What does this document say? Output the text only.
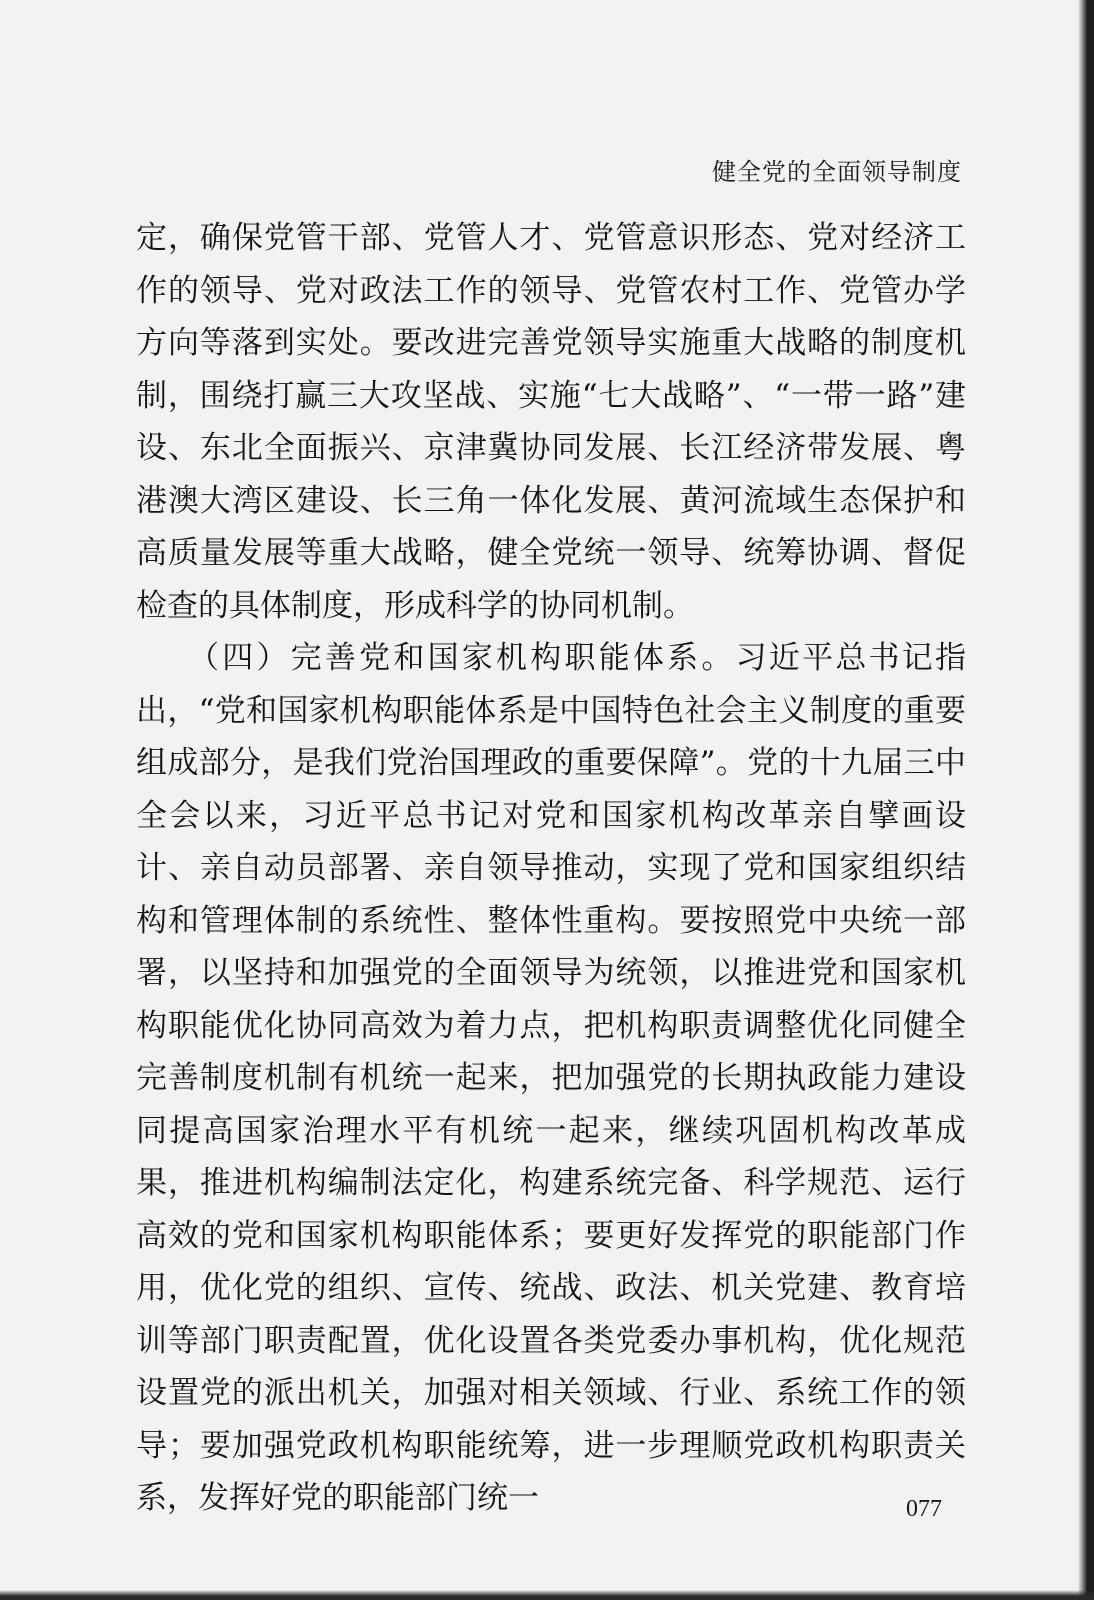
健全党的全面领导制度

定，确保党管干部、党管人才、党管意识形态、党对经济工作的领导、党对政法工作的领导、党管农村工作、党管办学方向等落到实处。要改进完善党领导实施重大战略的制度机制，围绕打赢三大攻坚战、实施“七大战略”、“一带一路”建设、东北全面振兴、京津冀协同发展、长江经济带发展、粤港澳大湾区建设、长三角一体化发展、黄河流域生态保护和高质量发展等重大战略，健全党统一领导、统筹协调、督促检查的具体制度，形成科学的协同机制。

（四）完善党和国家机构职能体系。习近平总书记指出，“党和国家机构职能体系是中国特色社会主义制度的重要组成部分，是我们党治国理政的重要保障”。党的十九届三中全会以来，习近平总书记对党和国家机构改革亲自擘画设计、亲自动员部署、亲自领导推动，实现了党和国家组织结构和管理体制的系统性、整体性重构。要按照党中央统一部署，以坚持和加强党的全面领导为统领，以推进党和国家机构职能优化协同高效为着力点，把机构职责调整优化同健全完善制度机制有机统一起来，把加强党的长期执政能力建设同提高国家治理水平有机统一起来，继续巩固机构改革成果，推进机构编制法定化，构建系统完备、科学规范、运行高效的党和国家机构职能体系；要更好发挥党的职能部门作用，优化党的组织、宣传、统战、政法、机关党建、教育培训等部门职责配置，优化设置各类党委办事机构，优化规范设置党的派出机关，加强对相关领域、行业、系统工作的领导；要加强党政机构职能统筹，进一步理顺党政机构职责关系，发挥好党的职能部门统一	077
